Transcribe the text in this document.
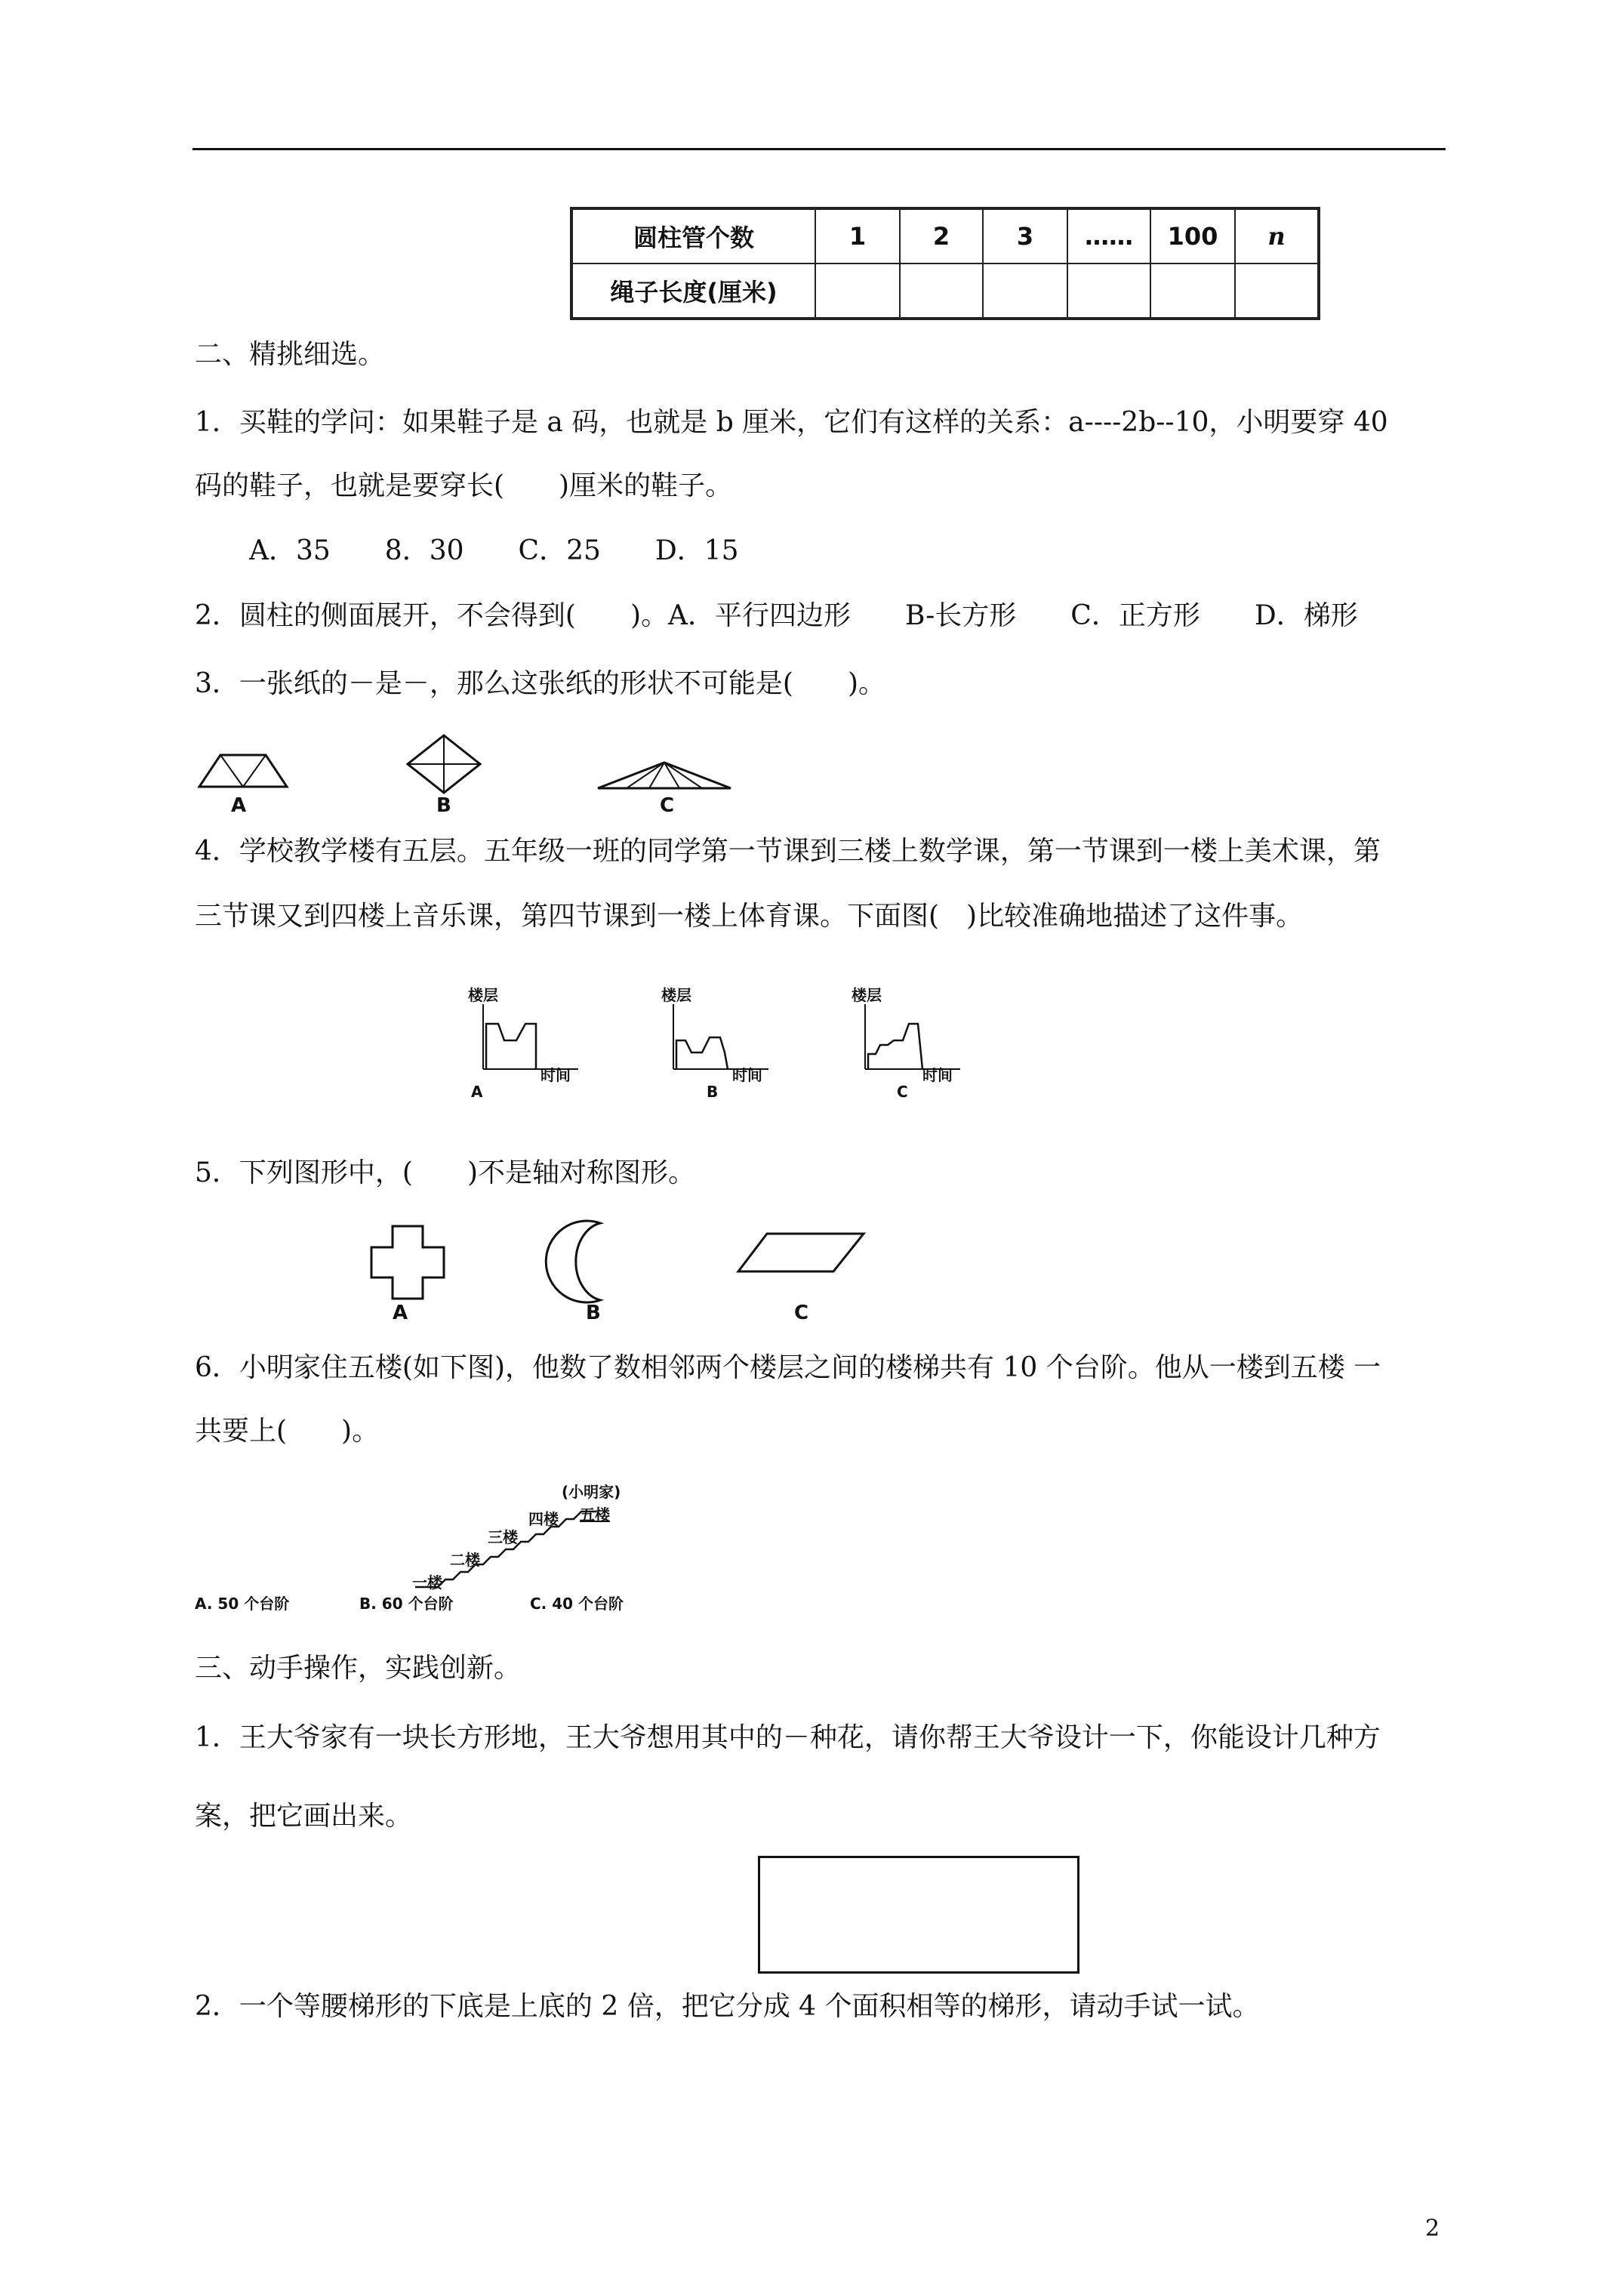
圆柱管个数	1	2	3	……	100	n
绳子长度(厘米)						
二、精挑细选。
1．买鞋的学问：如果鞋子是 a 码，也就是 b 厘米，它们有这样的关系：a----2b--10，小明要穿 40
码的鞋子，也就是要穿长(　　)厘米的鞋子。
A．35　　8．30　　C．25　　D．15
2．圆柱的侧面展开，不会得到(　　)。A．平行四边形　　B-长方形　　C．正方形　　D．梯形
3．一张纸的－是－，那么这张纸的形状不可能是(　　)。
A	B	C
4．学校教学楼有五层。五年级一班的同学第一节课到三楼上数学课，第一节课到一楼上美术课，第
三节课又到四楼上音乐课，第四节课到一楼上体育课。下面图(　)比较准确地描述了这件事。
楼层
时间
A
楼层
时间
B
楼层
时间
C
5．下列图形中，(　　)不是轴对称图形。
A	B	C
6．小明家住五楼(如下图)，他数了数相邻两个楼层之间的楼梯共有 10 个台阶。他从一楼到五楼 一
共要上(　　)。
一楼
二楼
三楼
四楼 五楼
(小明家)
A. 50 个台阶	B. 60 个台阶	C. 40 个台阶
三、动手操作，实践创新。
1．王大爷家有一块长方形地，王大爷想用其中的－种花，请你帮王大爷设计一下，你能设计几种方
案，把它画出来。
2．一个等腰梯形的下底是上底的 2 倍，把它分成 4 个面积相等的梯形，请动手试一试。
2
